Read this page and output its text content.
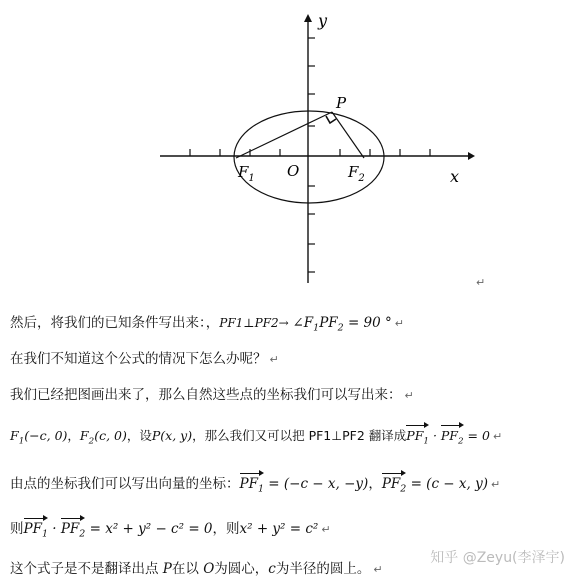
y
x
P
O
$F_1$	$F_2$
↵
然后，将我们的已知条件写出来：，PF1⊥PF2→ $\angle F_1PF_2 = 90$ ° ↵
在我们不知道这个公式的情况下怎么办呢？ ↵
我们已经把图画出来了，那么自然这些点的坐标我们可以写出来： ↵
$F_1(-c$, 0)，$F_2(c$, 0)，设P(x, y)，那么我们又可以把 PF1⊥PF2 翻译成$PF_1 \cdot PF_2 = 0$ ↵
由点的坐标我们可以写出向量的坐标：$PF_1 = (-c - x$, −y)，$PF_2 = (c - x$, y) ↵
则$PF_1 \cdot PF_2 = x^2 + y^2 - c^2 = 0$，则x² + y² = c² ↵
这个式子是不是翻译出点 P在以 O为圆心，c为半径的圆上。 ↵
知乎 @Zeyu(李泽宇)
